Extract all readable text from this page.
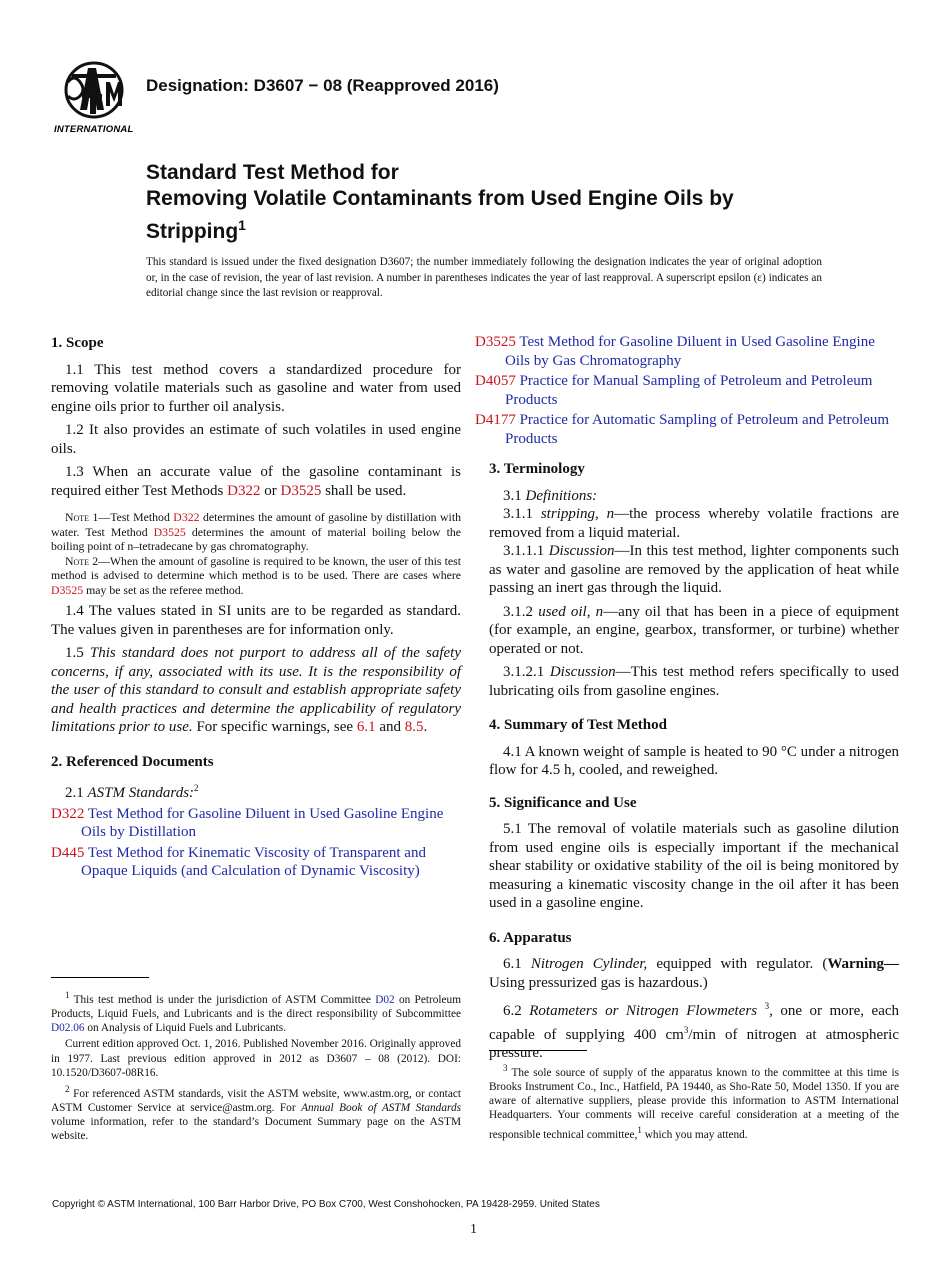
INTERNATIONAL
Designation: D3607 − 08 (Reapproved 2016)
Standard Test Method for
Removing Volatile Contaminants from Used Engine Oils by
Stripping$^1$
This standard is issued under the fixed designation D3607; the number immediately following the designation indicates the year of original adoption or, in the case of revision, the year of last revision. A number in parentheses indicates the year of last reapproval. A superscript epsilon (ε) indicates an editorial change since the last revision or reapproval.
1. Scope

1.1 This test method covers a standardized procedure for removing volatile materials such as gasoline and water from used engine oils prior to further oil analysis.

1.2 It also provides an estimate of such volatiles in used engine oils.

1.3 When an accurate value of the gasoline contaminant is required either Test Methods D322 or D3525 shall be used.

Note 1—Test Method D322 determines the amount of gasoline by distillation with water. Test Method D3525 determines the amount of material boiling below the boiling point of n–tetradecane by gas chromatography.

Note 2—When the amount of gasoline is required to be known, the user of this test method is advised to determine which method is to be used. There are cases where D3525 may be set as the referee method.

1.4 The values stated in SI units are to be regarded as standard. The values given in parentheses are for information only.

1.5 This standard does not purport to address all of the safety concerns, if any, associated with its use. It is the responsibility of the user of this standard to consult and establish appropriate safety and health practices and determine the applicability of regulatory limitations prior to use. For specific warnings, see 6.1 and 8.5.

2. Referenced Documents

2.1 ASTM Standards:$^2$

D322 Test Method for Gasoline Diluent in Used Gasoline Engine Oils by Distillation

D445 Test Method for Kinematic Viscosity of Transparent and Opaque Liquids (and Calculation of Dynamic Viscosity)

$^1$ This test method is under the jurisdiction of ASTM Committee D02 on Petroleum Products, Liquid Fuels, and Lubricants and is the direct responsibility of Subcommittee D02.06 on Analysis of Liquid Fuels and Lubricants.

Current edition approved Oct. 1, 2016. Published November 2016. Originally approved in 1977. Last previous edition approved in 2012 as D3607 – 08 (2012). DOI: 10.1520/D3607-08R16.

$^2$ For referenced ASTM standards, visit the ASTM website, www.astm.org, or contact ASTM Customer Service at service@astm.org. For Annual Book of ASTM Standards volume information, refer to the standard’s Document Summary page on the ASTM website.

D3525 Test Method for Gasoline Diluent in Used Gasoline Engine Oils by Gas Chromatography

D4057 Practice for Manual Sampling of Petroleum and Petroleum Products

D4177 Practice for Automatic Sampling of Petroleum and Petroleum Products

3. Terminology

3.1 Definitions:

3.1.1 stripping, n—the process whereby volatile fractions are removed from a liquid material.

3.1.1.1 Discussion—In this test method, lighter components such as water and gasoline are removed by the application of heat while passing an inert gas through the liquid.

3.1.2 used oil, n—any oil that has been in a piece of equipment (for example, an engine, gearbox, transformer, or turbine) whether operated or not.

3.1.2.1 Discussion—This test method refers specifically to used lubricating oils from gasoline engines.

4. Summary of Test Method

4.1 A known weight of sample is heated to 90 °C under a nitrogen flow for 4.5 h, cooled, and reweighed.

5. Significance and Use

5.1 The removal of volatile materials such as gasoline dilution from used engine oils is especially important if the mechanical shear stability or oxidative stability of the oil is being monitored by measuring a kinematic viscosity change in the oil after it has been used in a gasoline engine.

6. Apparatus

6.1 Nitrogen Cylinder, equipped with regulator. (Warning—Using pressurized gas is hazardous.)

6.2 Rotameters or Nitrogen Flowmeters $^3$, one or more, each capable of supplying 400 $cm^3/\min$ of nitrogen at atmospheric pressure.

$^3$ The sole source of supply of the apparatus known to the committee at this time is Brooks Instrument Co., Inc., Hatfield, PA 19440, as Sho-Rate 50, Model 1350. If you are aware of alternative suppliers, please provide this information to ASTM International Headquarters. Your comments will receive careful consideration at a meeting of the responsible technical committee,$^1$ which you may attend.

Copyright © ASTM International, 100 Barr Harbor Drive, PO Box C700, West Conshohocken, PA 19428-2959. United States
1
